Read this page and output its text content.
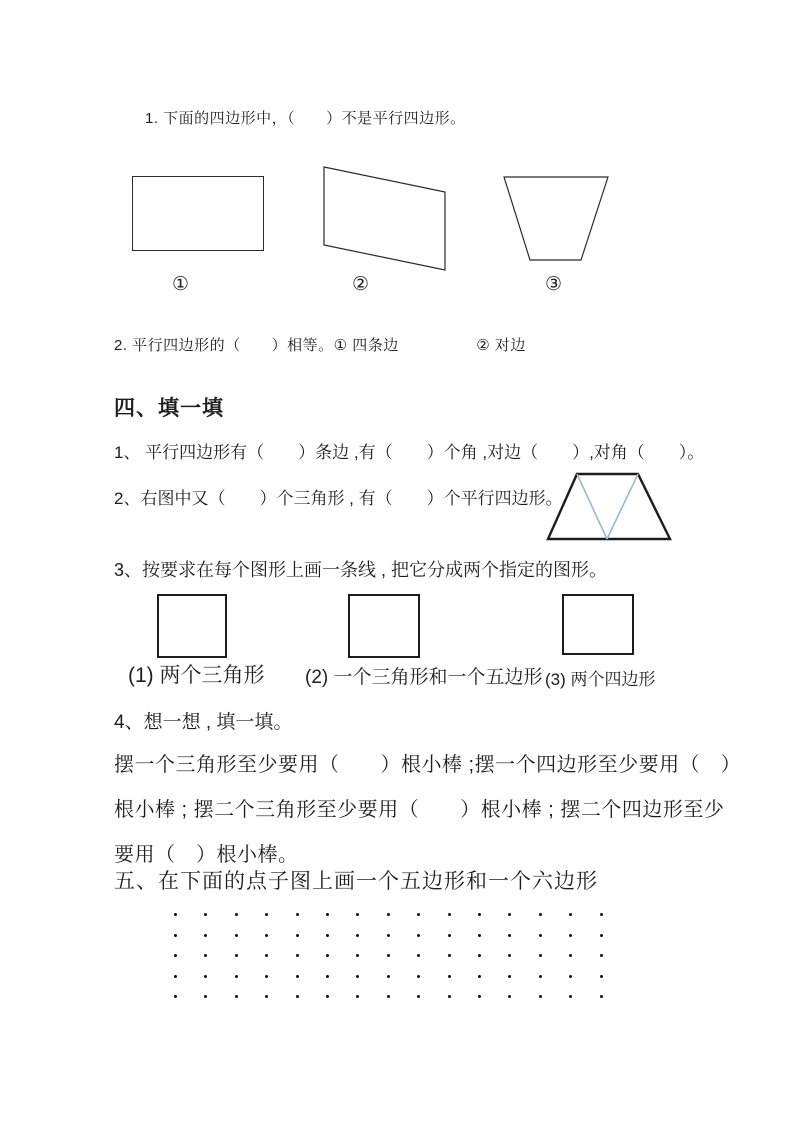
1. 下面的四边形中，（　　）不是平行四边形。
①	②	③
2. 平行四边形的（　　）相等。① 四条边　　　　　② 对边
四、填一填
1、 平行四边形有（　　）条边 ,有（　　）个角 ,对边（　　）,对角（　　）。
2、右图中又（　　）个三角形 , 有（　　）个平行四边形。
3、按要求在每个图形上画一条线 , 把它分成两个指定的图形。
(1) 两个三角形 (2) 一个三角形和一个五边形 (3) 两个四边形
4、想一想 , 填一填。
摆一个三角形至少要用（　　）根小棒 ;摆一个四边形至少要用（　）
根小棒 ; 摆二个三角形至少要用（　　）根小棒 ; 摆二个四边形至少
要用（　）根小棒。
五、在下面的点子图上画一个五边形和一个六边形
